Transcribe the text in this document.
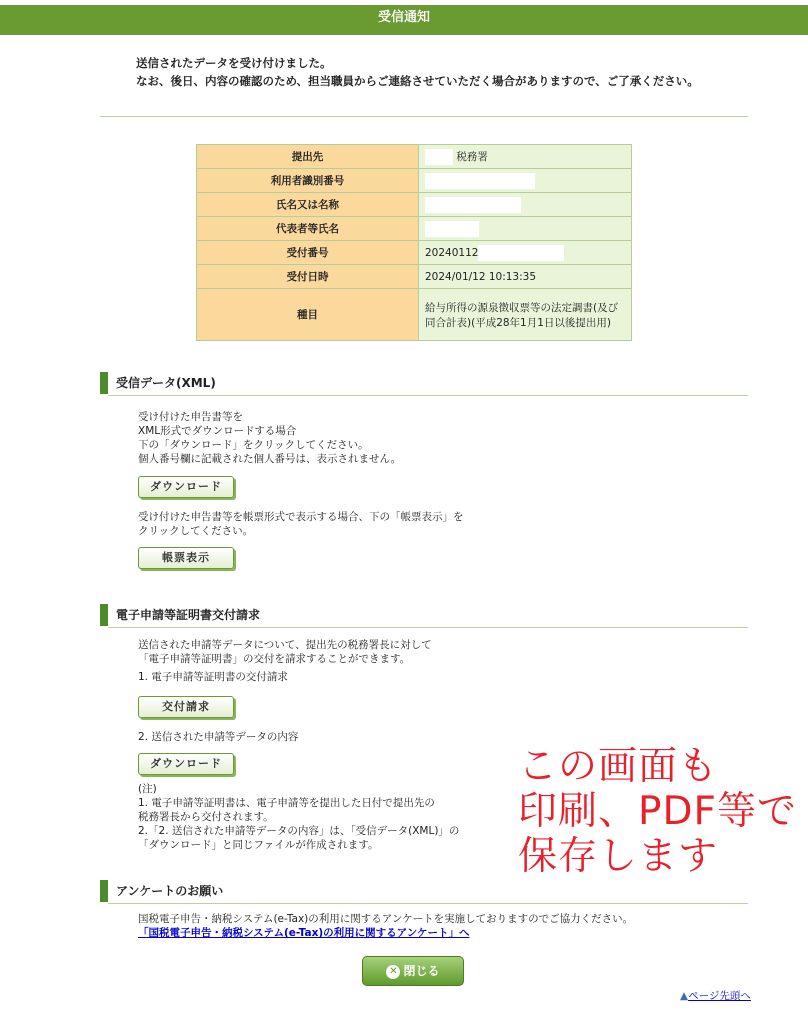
受信通知
送信されたデータを受け付けました。
なお、後日、内容の確認のため、担当職員からご連絡させていただく場合がありますので、ご了承ください。
提出先	税務署
利用者識別番号	
氏名又は名称	
代表者等氏名	
受付番号	20240112
受付日時	2024/01/12 10:13:35
種目	給与所得の源泉徴収票等の法定調書(及び同合計表)(平成28年1月1日以後提出用)
受信データ(XML)
受け付けた申告書等を
XML形式でダウンロードする場合
下の「ダウンロード」をクリックしてください。
個人番号欄に記載された個人番号は、表示されません。
ダウンロード
受け付けた申告書等を帳票形式で表示する場合、下の「帳票表示」を
クリックしてください。
帳票表示
電子申請等証明書交付請求
送信された申請等データについて、提出先の税務署長に対して
「電子申請等証明書」の交付を請求することができます。
1. 電子申請等証明書の交付請求
交付請求
2. 送信された申請等データの内容
ダウンロード
(注)
1. 電子申請等証明書は、電子申請等を提出した日付で提出先の
税務署長から交付されます。
2.「2. 送信された申請等データの内容」は、「受信データ(XML)」の
「ダウンロード」と同じファイルが作成されます。
この画面も
印刷、PDF等で
保存します
アンケートのお願い
国税電子申告・納税システム(e-Tax)の利用に関するアンケートを実施しておりますのでご協力ください。
「国税電子申告・納税システム(e-Tax)の利用に関するアンケート」へ
✕ 閉じる
▲ページ先頭へ
